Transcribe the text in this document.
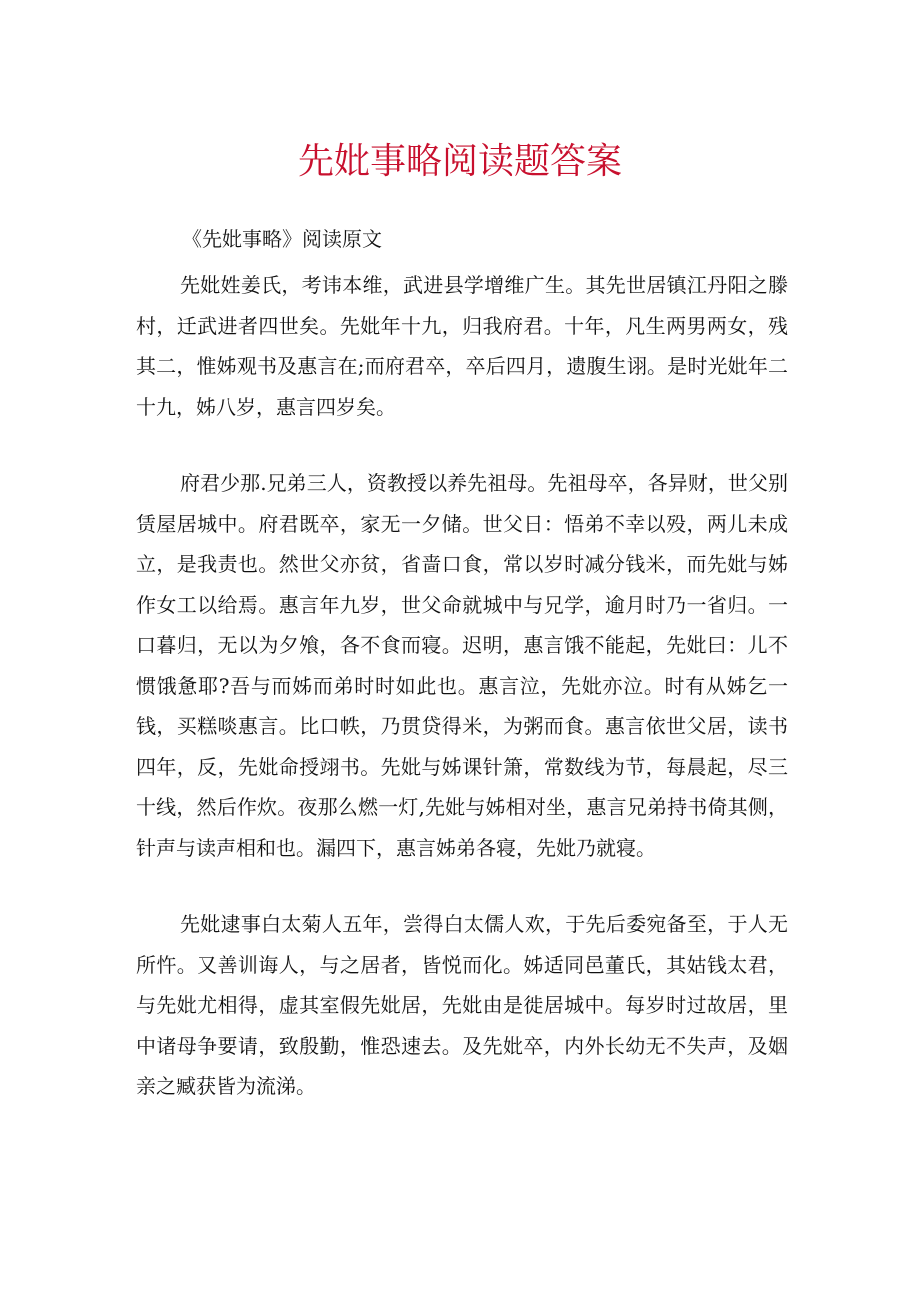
先妣事略阅读题答案

《先妣事略》阅读原文

先妣姓姜氏，考讳本维，武进县学增维广生。其先世居镇江丹阳之滕村，迁武进者四世矣。先妣年十九，归我府君。十年，凡生两男两女，残其二，惟姊观书及惠言在;而府君卒，卒后四月，遗腹生诩。是时光妣年二十九，姊八岁，惠言四岁矣。

府君少那.兄弟三人，资教授以养先祖母。先祖母卒，各异财，世父别赁屋居城中。府君既卒，家无一夕储。世父日：悟弟不幸以殁，两儿未成立，是我责也。然世父亦贫，省啬口食，常以岁时减分钱米，而先妣与姊作女工以给焉。惠言年九岁，世父命就城中与兄学，逾月时乃一省归。一口暮归，无以为夕飧，各不食而寝。迟明，惠言饿不能起，先妣曰：儿不惯饿惫耶?吾与而姊而弟时时如此也。惠言泣，先妣亦泣。时有从姊乞一钱，买糕啖惠言。比口帙，乃贯贷得米，为粥而食。惠言依世父居，读书四年，反，先妣命授翊书。先妣与姊课针箫，常数线为节，每晨起，尽三十线，然后作炊。夜那么燃一灯,先妣与姊相对坐，惠言兄弟持书倚其侧，针声与读声相和也。漏四下，惠言姊弟各寝，先妣乃就寝。

先妣逮事白太菊人五年，尝得白太儒人欢，于先后委宛备至，于人无所忤。又善训诲人，与之居者，皆悦而化。姊适同邑董氏，其姑钱太君，与先妣尤相得，虚其室假先妣居，先妣由是徙居城中。每岁时过故居，里中诸母争要请，致殷勤，惟恐速去。及先妣卒，内外长幼无不失声，及姻亲之臧获皆为流涕。
